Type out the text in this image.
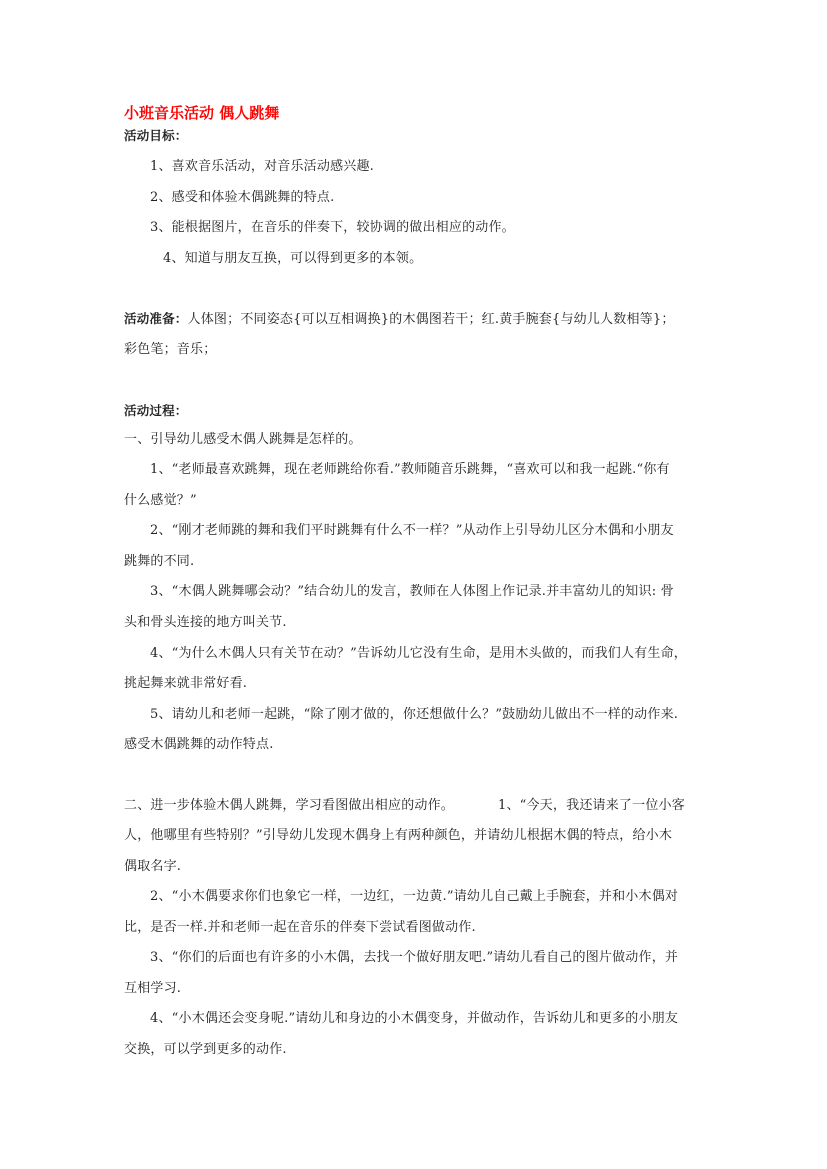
小班音乐活动 偶人跳舞
活动目标：
1、喜欢音乐活动，对音乐活动感兴趣.
2、感受和体验木偶跳舞的特点.
3、能根据图片，在音乐的伴奏下，较协调的做出相应的动作。
4、知道与朋友互换，可以得到更多的本领。
活动准备：人体图；不同姿态{可以互相调换}的木偶图若干；红.黄手腕套{与幼儿人数相等}；
彩色笔；音乐；
活动过程：
一、引导幼儿感受木偶人跳舞是怎样的。
1、“老师最喜欢跳舞，现在老师跳给你看.”教师随音乐跳舞，“喜欢可以和我一起跳.“你有
什么感觉？”
2、“刚才老师跳的舞和我们平时跳舞有什么不一样？”从动作上引导幼儿区分木偶和小朋友
跳舞的不同.
3、“木偶人跳舞哪会动？”结合幼儿的发言，教师在人体图上作记录.并丰富幼儿的知识: 骨
头和骨头连接的地方叫关节.
4、“为什么木偶人只有关节在动？”告诉幼儿它没有生命，是用木头做的，而我们人有生命，
挑起舞来就非常好看.
5、请幼儿和老师一起跳，“除了刚才做的，你还想做什么？”鼓励幼儿做出不一样的动作来.
感受木偶跳舞的动作特点.
二、进一步体验木偶人跳舞，学习看图做出相应的动作。	1、“今天，我还请来了一位小客
人，他哪里有些特别？”引导幼儿发现木偶身上有两种颜色，并请幼儿根据木偶的特点，给小木
偶取名字.
2、“小木偶要求你们也象它一样，一边红，一边黄.”请幼儿自己戴上手腕套，并和小木偶对
比，是否一样.并和老师一起在音乐的伴奏下尝试看图做动作.
3、“你们的后面也有许多的小木偶，去找一个做好朋友吧.”请幼儿看自己的图片做动作，并
互相学习.
4、“小木偶还会变身呢.”请幼儿和身边的小木偶变身，并做动作，告诉幼儿和更多的小朋友
交换，可以学到更多的动作.
